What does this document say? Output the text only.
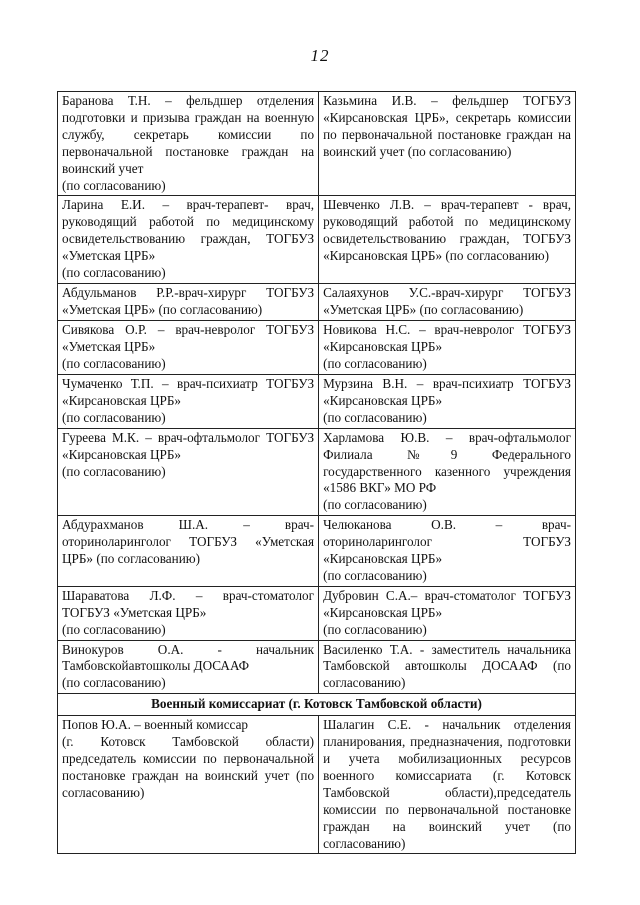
12
Баранова Т.Н. – фельдшер отделения подготовки и призыва граждан на военную службу, секретарь комиссии по первоначальной постановке граждан на воинский учет
(по согласованию)	Казьмина И.В. – фельдшер ТОГБУЗ «Кирсановская ЦРБ», секретарь комиссии по первоначальной постановке граждан на воинский учет (по согласованию)

Ларина Е.И. – врач-терапевт- врач, руководящий работой по медицинскому освидетельствованию граждан, ТОГБУЗ «Уметская ЦРБ»
(по согласованию)	Шевченко Л.В. – врач-терапевт - врач, руководящий работой по медицинскому освидетельствованию граждан, ТОГБУЗ «Кирсановская ЦРБ» (по согласованию)

Абдульманов Р.Р.-врач-хирург ТОГБУЗ «Уметская ЦРБ» (по согласованию)	Салаяхунов У.С.-врач-хирург ТОГБУЗ «Уметская ЦРБ» (по согласованию)

Сивякова О.Р. – врач-невролог ТОГБУЗ «Уметская ЦРБ»
(по согласованию)	Новикова Н.С. – врач-невролог ТОГБУЗ «Кирсановская ЦРБ»
(по согласованию)

Чумаченко Т.П. – врач-психиатр ТОГБУЗ «Кирсановская ЦРБ»
(по согласованию)	Мурзина В.Н. – врач-психиатр ТОГБУЗ «Кирсановская ЦРБ»
(по согласованию)

Гуреева М.К. – врач-офтальмолог ТОГБУЗ «Кирсановская ЦРБ»
(по согласованию)	Харламова Ю.В. – врач-офтальмолог Филиала №9 Федерального государственного казенного учреждения «1586 ВКГ» МО РФ
(по согласованию)

Абдурахманов Ш.А. – врач-оториноларинголог ТОГБУЗ «Уметская ЦРБ» (по согласованию)	Челюканова О.В. – врач-оториноларинголог ТОГБУЗ «Кирсановская ЦРБ»
(по согласованию)

Шараватова Л.Ф. – врач-стоматолог ТОГБУЗ «Уметская ЦРБ»
(по согласованию)	Дубровин С.А.– врач-стоматолог ТОГБУЗ «Кирсановская ЦРБ»
(по согласованию)

Винокуров О.А. - начальник Тамбовскойавтошколы ДОСААФ
(по согласованию)	Василенко Т.А. - заместитель начальника Тамбовской автошколы ДОСААФ (по согласованию)

Военный комиссариат (г. Котовск Тамбовской области)	

Попов Ю.А. – военный комиссар
(г. Котовск Тамбовской области) председатель комиссии по первоначальной постановке граждан на воинский учет (по согласованию)	Шалагин С.Е. - начальник отделения планирования, предназначения, подготовки и учета мобилизационных ресурсов военного комиссариата (г. Котовск Тамбовской области),председатель комиссии по первоначальной постановке граждан на воинский учет (по согласованию)
